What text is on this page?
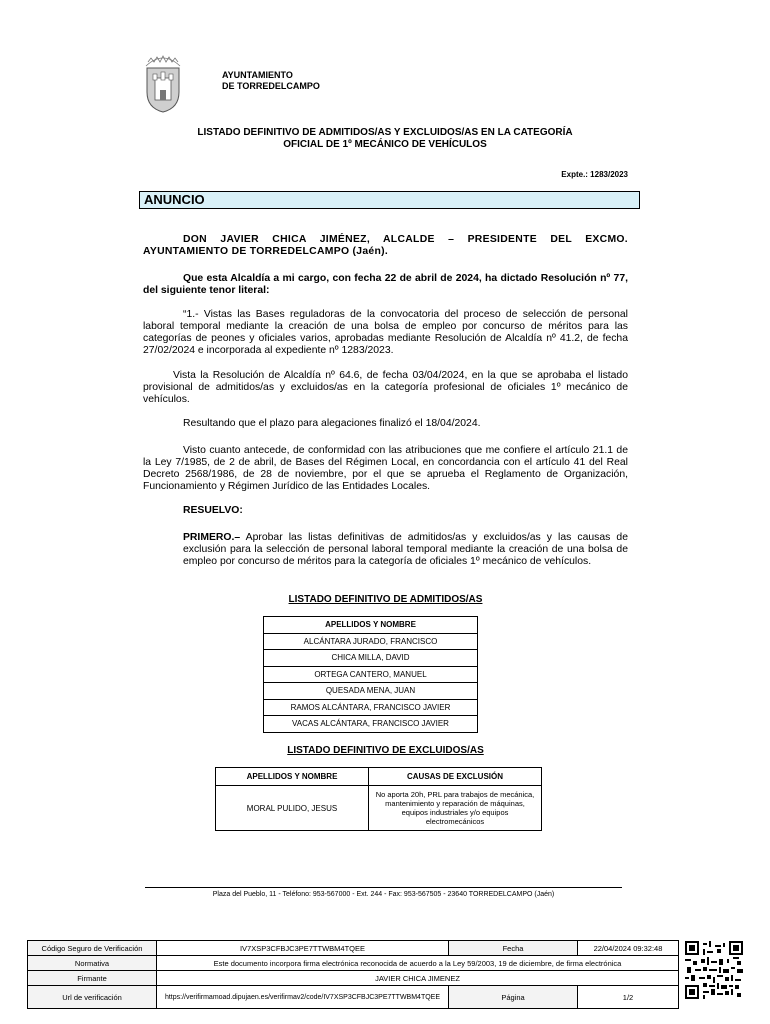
AYUNTAMIENTO
DE TORREDELCAMPO
LISTADO DEFINITIVO DE ADMITIDOS/AS Y EXCLUIDOS/AS EN LA CATEGORÍA
OFICIAL DE 1º MECÁNICO DE VEHÍCULOS
Expte.: 1283/2023
ANUNCIO

DON JAVIER CHICA JIMÉNEZ, ALCALDE – PRESIDENTE DEL EXCMO. AYUNTAMIENTO DE TORREDELCAMPO (Jaén).

Que esta Alcaldía a mi cargo, con fecha 22 de abril de 2024, ha dictado Resolución nº 77, del siguiente tenor literal:

“1.- Vistas las Bases reguladoras de la convocatoria del proceso de selección de personal laboral temporal mediante la creación de una bolsa de empleo por concurso de méritos para las categorías de peones y oficiales varios, aprobadas mediante Resolución de Alcaldía nº 41.2, de fecha 27/02/2024 e incorporada al expediente nº 1283/2023.

Vista la Resolución de Alcaldía nº 64.6, de fecha 03/04/2024, en la que se aprobaba el listado provisional de admitidos/as y excluidos/as en la categoría profesional de oficiales 1º mecánico de vehículos.

Resultando que el plazo para alegaciones finalizó el 18/04/2024.

Visto cuanto antecede, de conformidad con las atribuciones que me confiere el artículo 21.1 de la Ley 7/1985, de 2 de abril, de Bases del Régimen Local, en concordancia con el artículo 41 del Real Decreto 2568/1986, de 28 de noviembre, por el que se aprueba el Reglamento de Organización, Funcionamiento y Régimen Jurídico de las Entidades Locales.

RESUELVO:

PRIMERO.– Aprobar las listas definitivas de admitidos/as y excluidos/as y las causas de exclusión para la selección de personal laboral temporal mediante la creación de una bolsa de empleo por concurso de méritos para la categoría de oficiales 1º mecánico de vehículos.

LISTADO DEFINITIVO DE ADMITIDOS/AS
APELLIDOS Y NOMBRE
ALCÁNTARA JURADO, FRANCISCO
CHICA MILLA, DAVID
ORTEGA CANTERO, MANUEL
QUESADA MENA, JUAN
RAMOS ALCÁNTARA, FRANCISCO JAVIER
VACAS ALCÁNTARA, FRANCISCO JAVIER
LISTADO DEFINITIVO DE EXCLUIDOS/AS
APELLIDOS Y NOMBRE	CAUSAS DE EXCLUSIÓN
MORAL PULIDO, JESUS	No aporta 20h, PRL para trabajos de mecánica, mantenimiento y reparación de máquinas, equipos industriales y/o equipos electromecánicos
Plaza del Pueblo, 11 - Teléfono: 953-567000 - Ext. 244 - Fax: 953-567505 - 23640 TORREDELCAMPO (Jaén)
Código Seguro de Verificación	IV7XSP3CFBJC3PE7TTWBM4TQEE	Fecha	22/04/2024 09:32:48
Normativa	Este documento incorpora firma electrónica reconocida de acuerdo a la Ley 59/2003, 19 de diciembre, de firma electrónica		
Firmante	JAVIER CHICA JIMENEZ		
Url de verificación	https://verifirmamoad.dipujaen.es/verifirmav2/code/IV7XSP3CFBJC3PE7TTWBM4TQEE	Página	1/2
